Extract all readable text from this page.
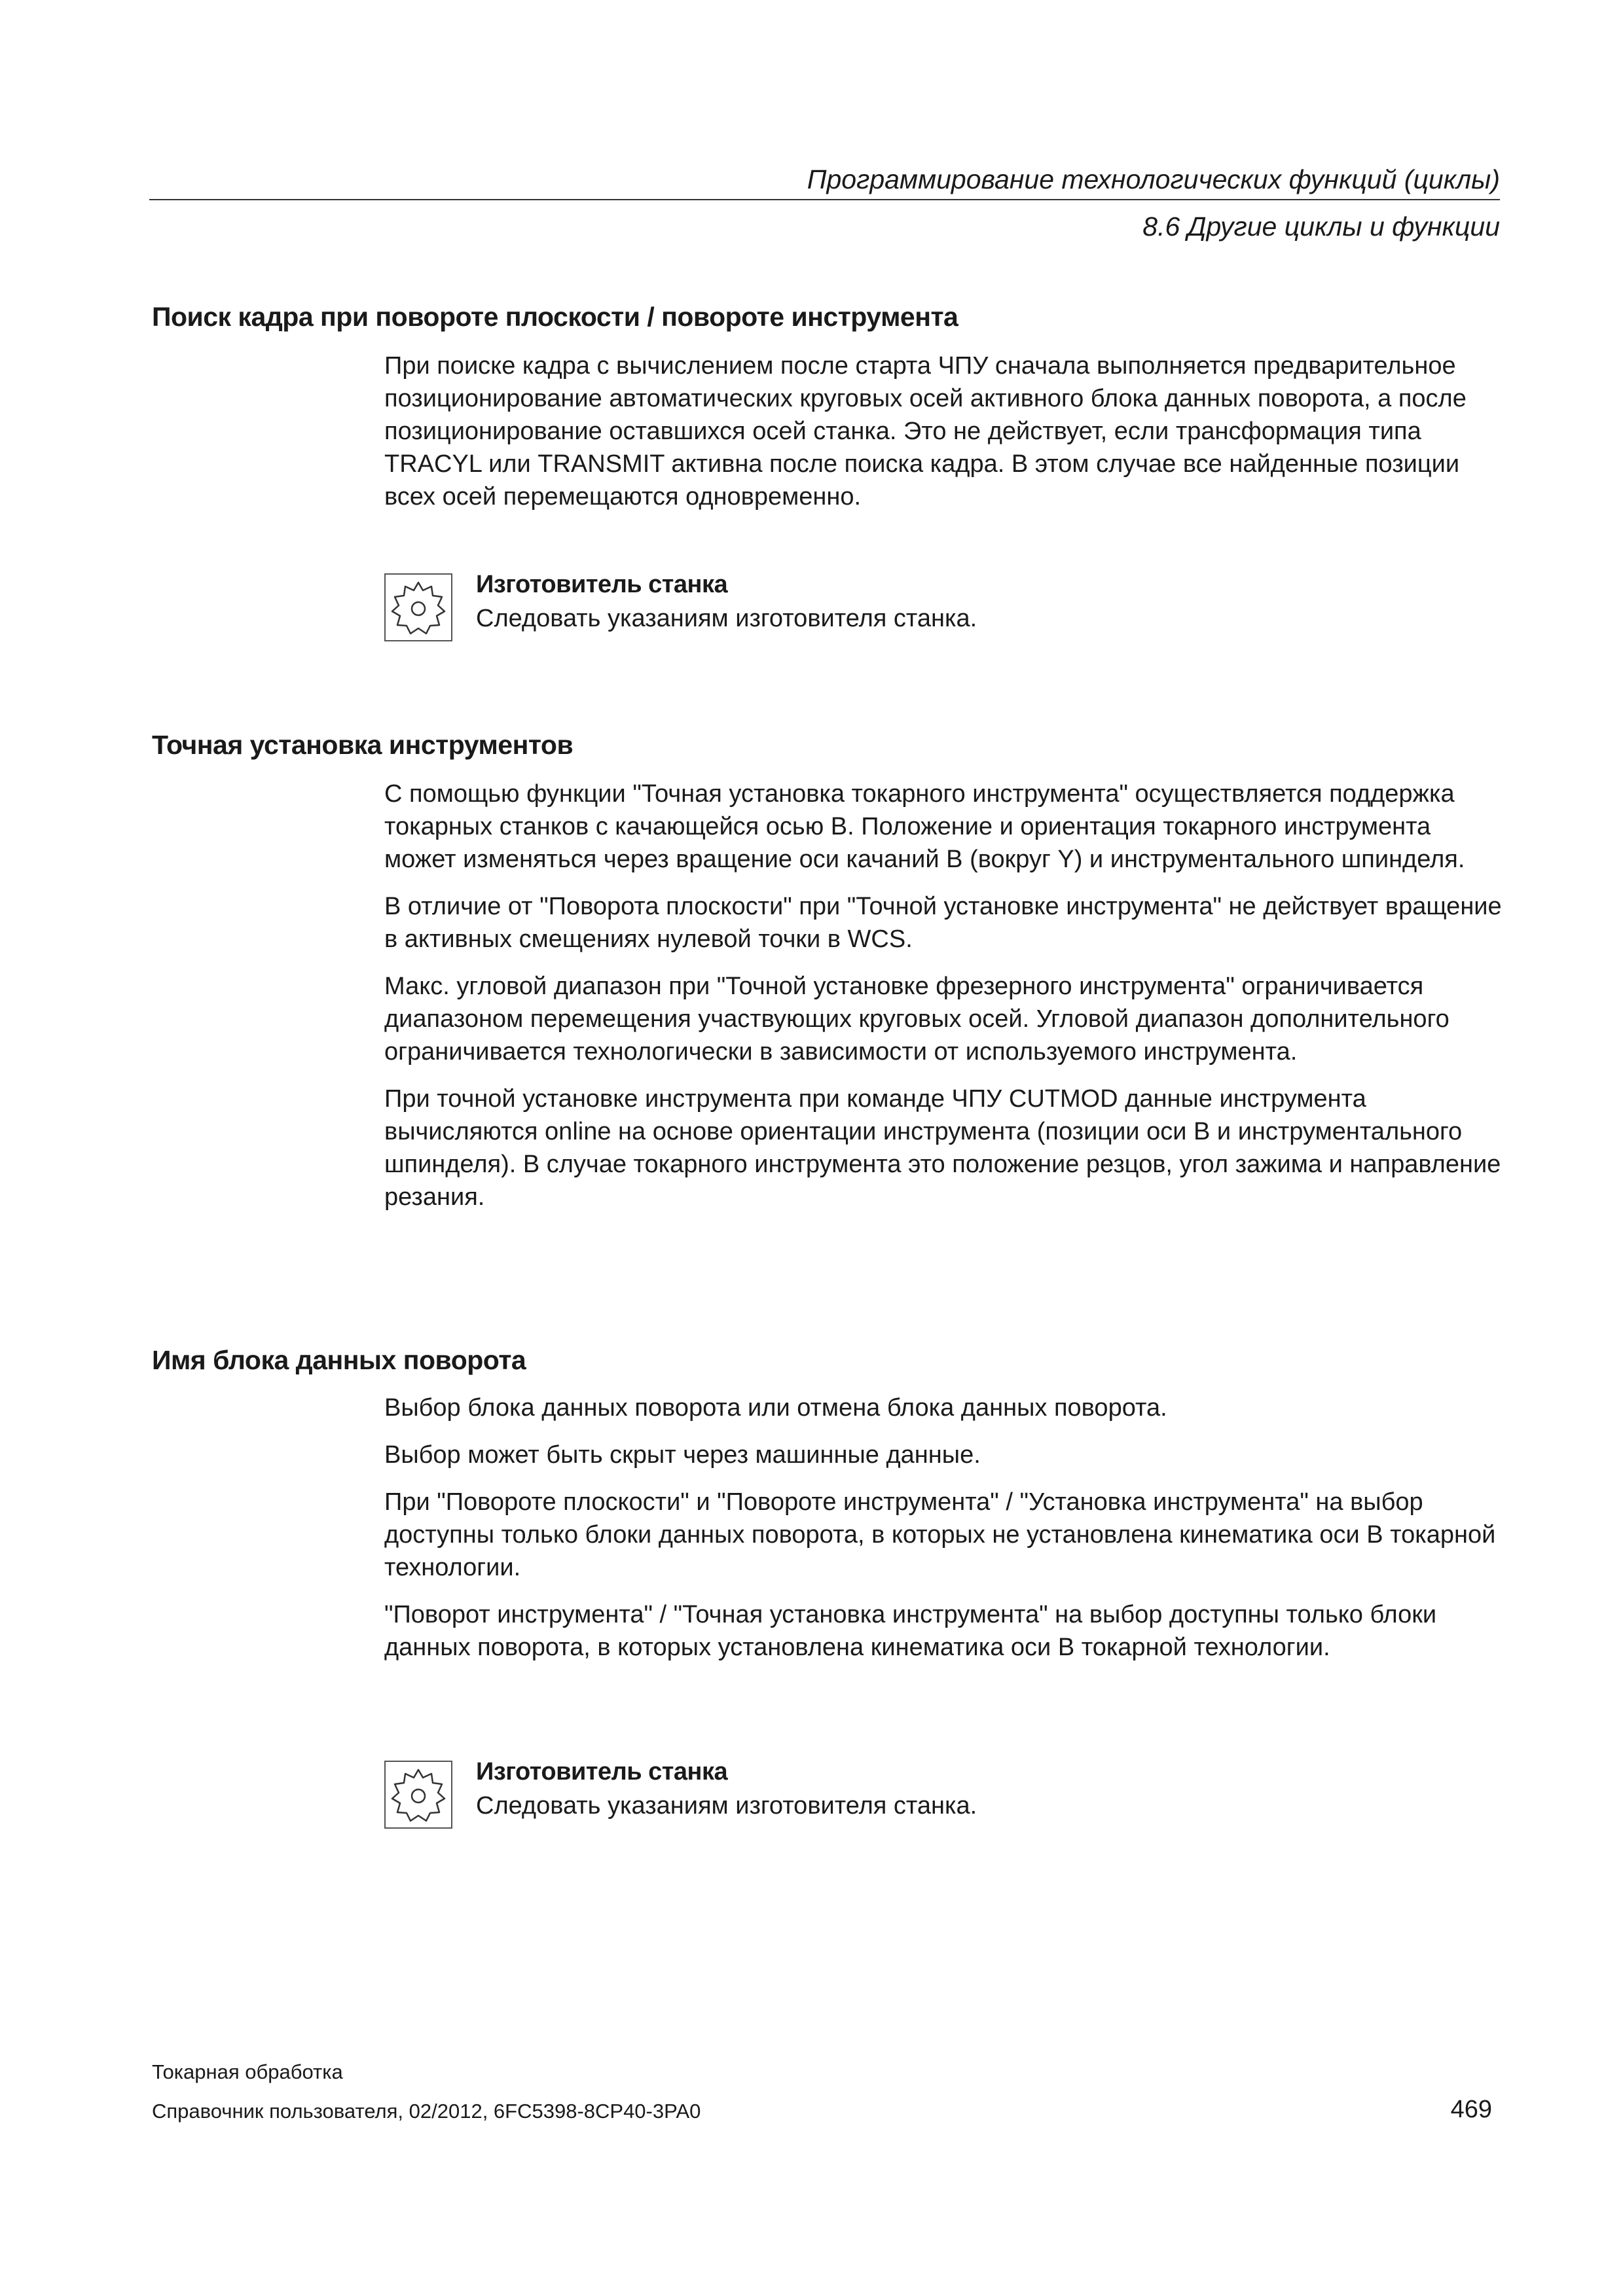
Программирование технологических функций (циклы)
8.6 Другие циклы и функции
Поиск кадра при повороте плоскости / повороте инструмента

При поиске кадра с вычислением после старта ЧПУ сначала выполняется предварительное позиционирование автоматических круговых осей активного блока данных поворота, а после позиционирование оставшихся осей станка. Это не действует, если трансформация типа TRACYL или TRANSMIT активна после поиска кадра. В этом случае все найденные позиции всех осей перемещаются одновременно.

Изготовитель станка
Следовать указаниям изготовителя станка.
Точная установка инструментов

С помощью функции "Точная установка токарного инструмента" осуществляется поддержка токарных станков с качающейся осью B. Положение и ориентация токарного инструмента может изменяться через вращение оси качаний B (вокруг Y) и инструментального шпинделя.

В отличие от "Поворота плоскости" при "Точной установке инструмента" не действует вращение в активных смещениях нулевой точки в WCS.

Макс. угловой диапазон при "Точной установке фрезерного инструмента" ограничивается диапазоном перемещения участвующих круговых осей. Угловой диапазон дополнительного ограничивается технологически в зависимости от используемого инструмента.

При точной установке инструмента при команде ЧПУ CUTMOD данные инструмента вычисляются online на основе ориентации инструмента (позиции оси B и инструментального шпинделя). В случае токарного инструмента это положение резцов, угол зажима и направление резания.

Имя блока данных поворота

Выбор блока данных поворота или отмена блока данных поворота.

Выбор может быть скрыт через машинные данные.

При "Повороте плоскости" и "Повороте инструмента" / "Установка инструмента" на выбор доступны только блоки данных поворота, в которых не установлена кинематика оси B токарной технологии.

"Поворот инструмента" / "Точная установка инструмента" на выбор доступны только блоки данных поворота, в которых установлена кинематика оси B токарной технологии.

Изготовитель станка
Следовать указаниям изготовителя станка.
Токарная обработка
Справочник пользователя, 02/2012, 6FC5398-8CP40-3PA0	469
